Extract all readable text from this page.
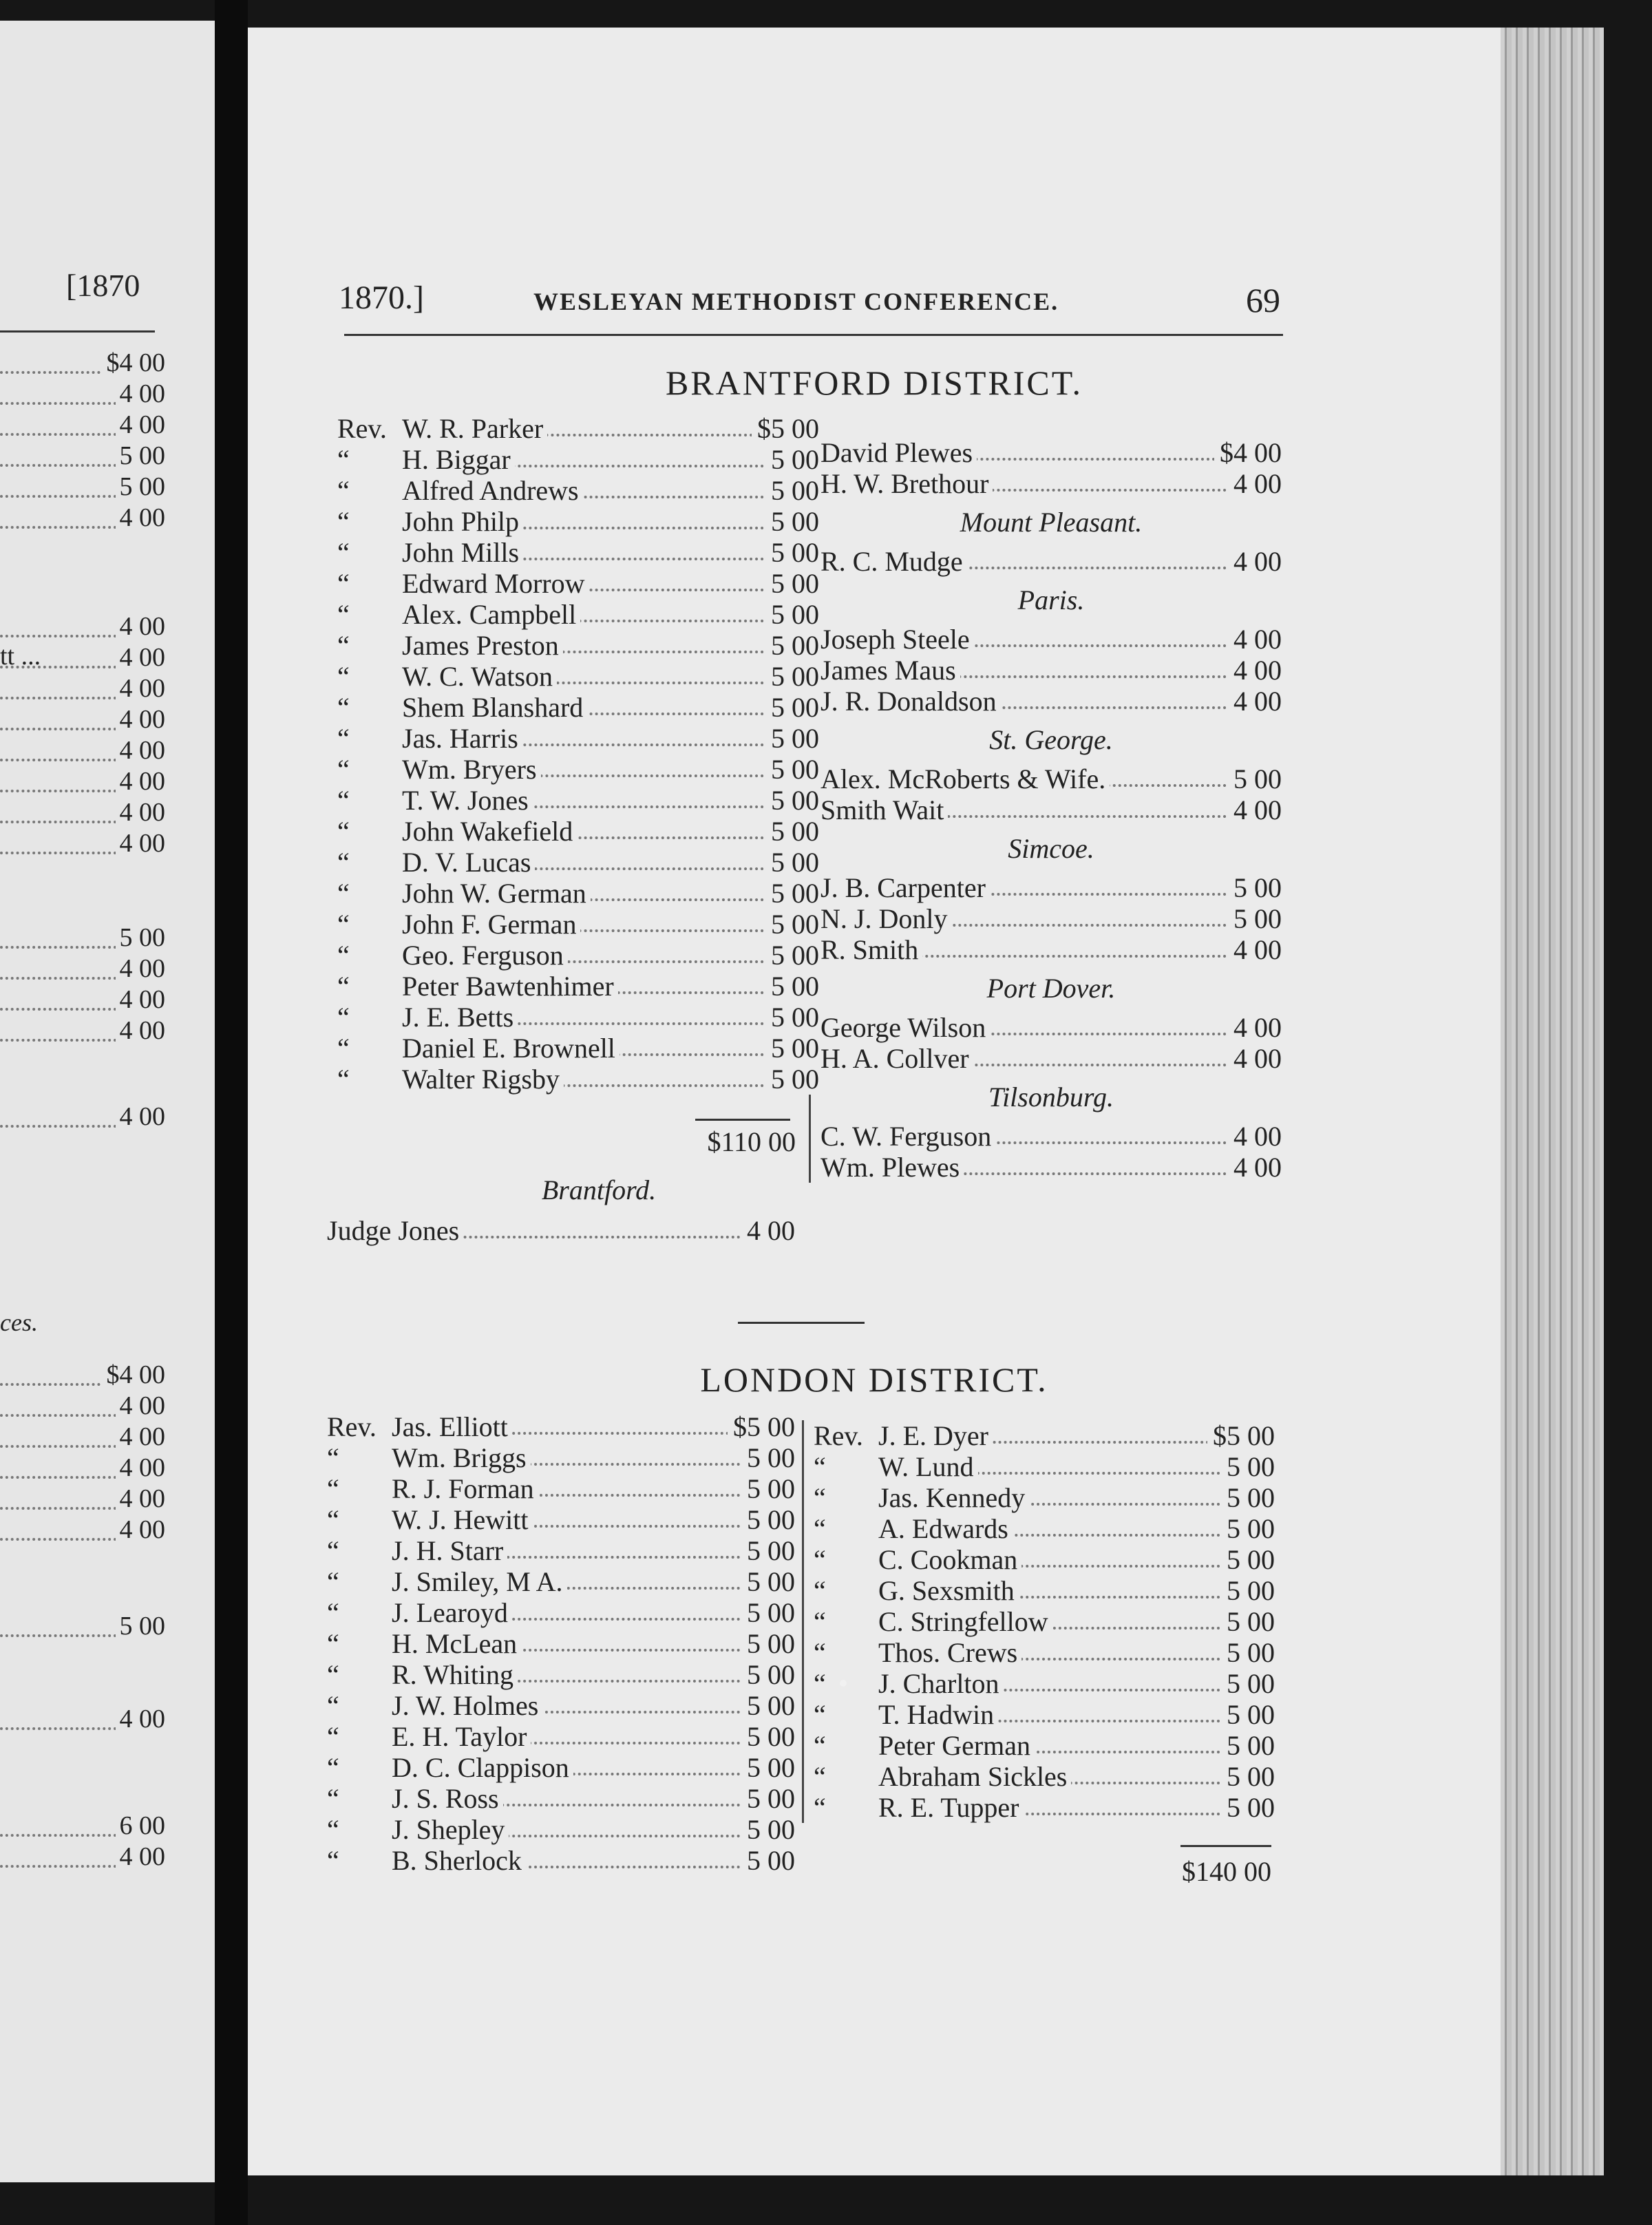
[1870
$4 00
4 00
4 00
5 00
5 00
4 00
4 00
tt ...	4 00
4 00
4 00
4 00
4 00
4 00
4 00
5 00
4 00
4 00
4 00
4 00
$4 00
4 00
4 00
4 00
4 00
4 00
5 00
4 00
6 00
4 00
ces.
1870.]	WESLEYAN METHODIST CONFERENCE.	69
BRANTFORD DISTRICT.
Rev. W. R. Parker	$5 00
“	H. Biggar	5 00
“	Alfred Andrews	5 00
“	John Philp	5 00
“	John Mills	5 00
“	Edward Morrow	5 00
“	Alex. Campbell	5 00
“	James Preston	5 00
“	W. C. Watson	5 00
“	Shem Blanshard	5 00
“	Jas. Harris	5 00
“	Wm. Bryers	5 00
“	T. W. Jones	5 00
“	John Wakefield	5 00
“	D. V. Lucas	5 00
“	John W. German	5 00
“	John F. German	5 00
“	Geo. Ferguson	5 00
“	Peter Bawtenhimer	5 00
“	J. E. Betts	5 00
“	Daniel E. Brownell	5 00
“	Walter Rigsby	5 00
$110 00
Brantford.
Judge Jones	4 00
David Plewes	$4 00
H. W. Brethour	4 00
Mount Pleasant.
R. C. Mudge	4 00
Paris.
Joseph Steele	4 00
James Maus	4 00
J. R. Donaldson	4 00
St. George.
Alex. McRoberts & Wife.	5 00
Smith Wait	4 00
Simcoe.
J. B. Carpenter	5 00
N. J. Donly	5 00
R. Smith	4 00
Port Dover.
George Wilson	4 00
H. A. Collver	4 00
Tilsonburg.
C. W. Ferguson	4 00
Wm. Plewes	4 00
LONDON DISTRICT.
Rev. Jas. Elliott	$5 00
“	Wm. Briggs	5 00
“	R. J. Forman	5 00
“	W. J. Hewitt	5 00
“	J. H. Starr	5 00
“	J. Smiley, M A.	5 00
“	J. Learoyd	5 00
“	H. McLean	5 00
“	R. Whiting	5 00
“	J. W. Holmes	5 00
“	E. H. Taylor	5 00
“	D. C. Clappison	5 00
“	J. S. Ross	5 00
“	J. Shepley	5 00
“	B. Sherlock	5 00
Rev. J. E. Dyer	$5 00
“	W. Lund	5 00
“	Jas. Kennedy	5 00
“	A. Edwards	5 00
“	C. Cookman	5 00
“	G. Sexsmith	5 00
“	C. Stringfellow	5 00
“	Thos. Crews	5 00
“	J. Charlton	5 00
“	T. Hadwin	5 00
“	Peter German	5 00
“	Abraham Sickles	5 00
“	R. E. Tupper	5 00
$140 00
